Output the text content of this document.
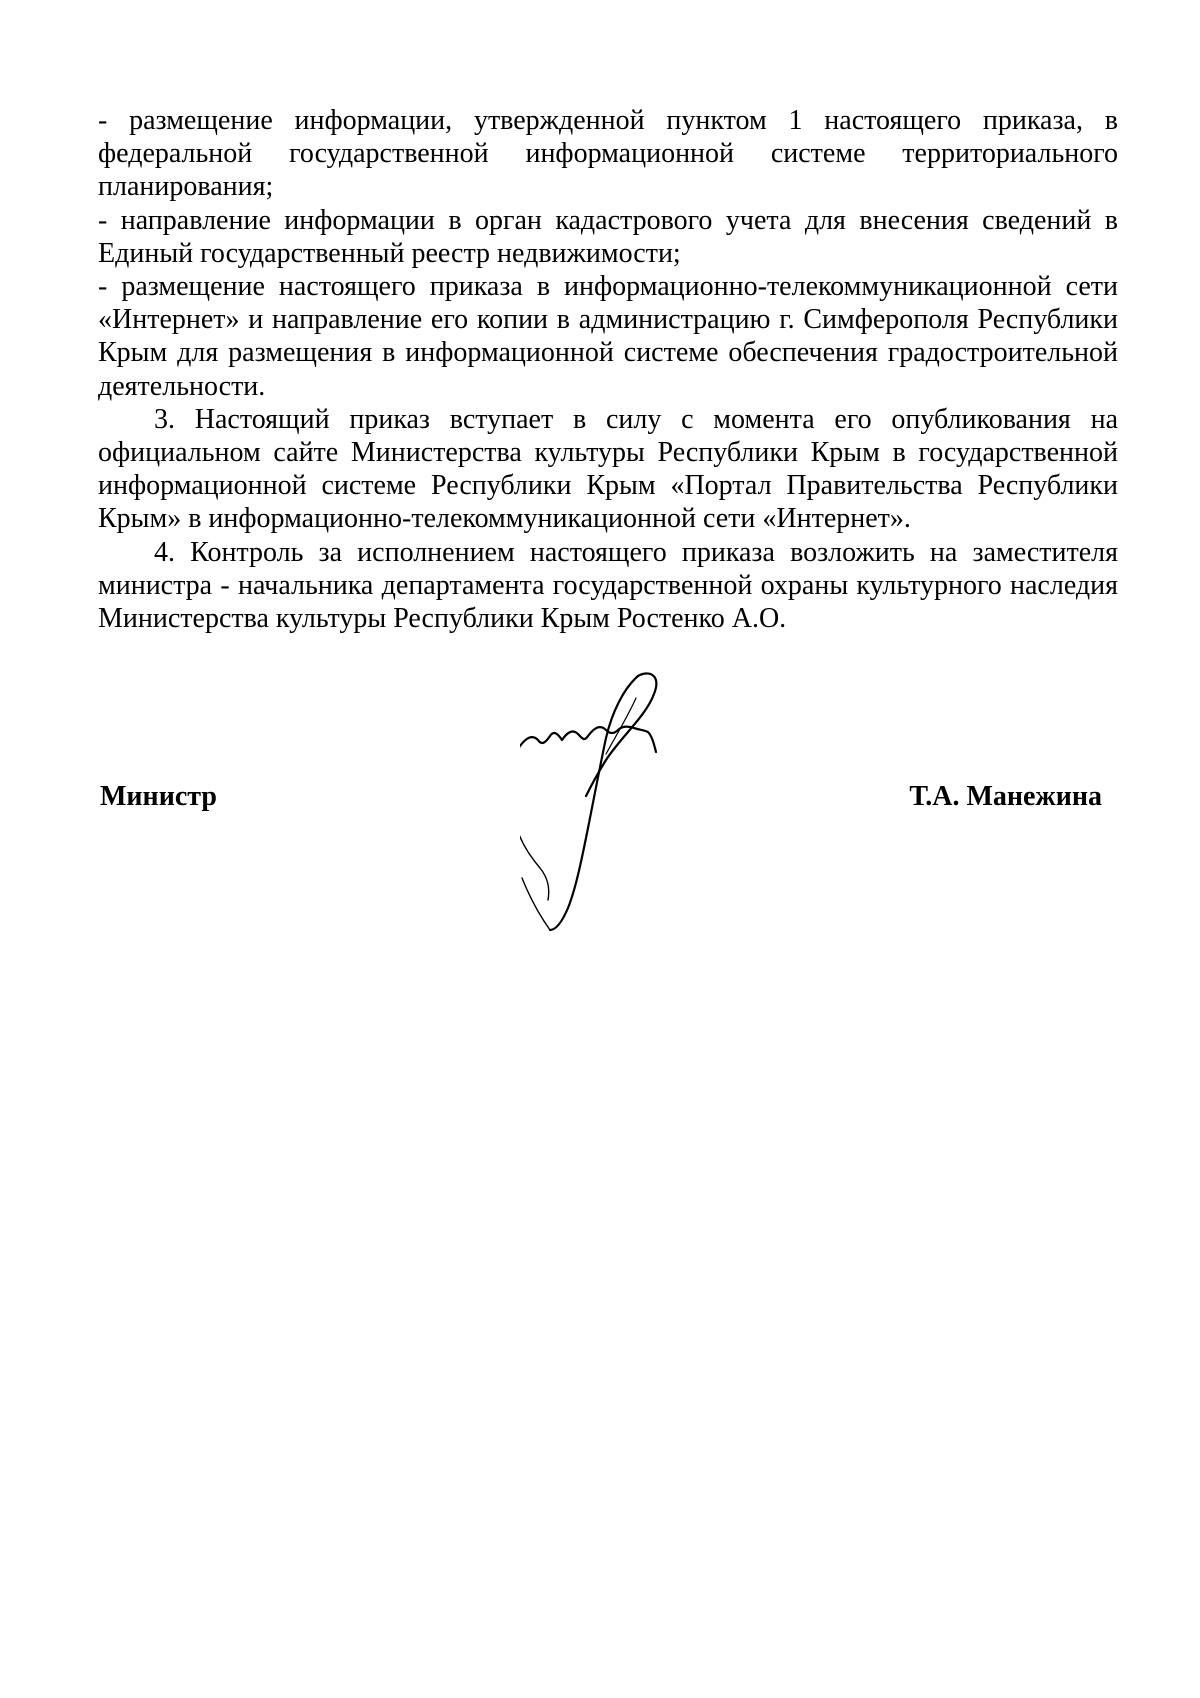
- размещение информации, утвержденной пунктом 1 настоящего приказа, в федеральной государственной информационной системе территориального планирования;

- направление информации в орган кадастрового учета для внесения сведений в Единый государственный реестр недвижимости;

- размещение настоящего приказа в информационно-телекоммуникационной сети «Интернет» и направление его копии в администрацию г. Симферополя Республики Крым для размещения в информационной системе обеспечения градостроительной деятельности.

3. Настоящий приказ вступает в силу с момента его опубликования на официальном сайте Министерства культуры Республики Крым в государственной информационной системе Республики Крым «Портал Правительства Республики Крым» в информационно-телекоммуникационной сети «Интернет».

4. Контроль за исполнением настоящего приказа возложить на заместителя министра - начальника департамента государственной охраны культурного наследия Министерства культуры Республики Крым Ростенко А.О.

Министр	Т.А. Манежина
